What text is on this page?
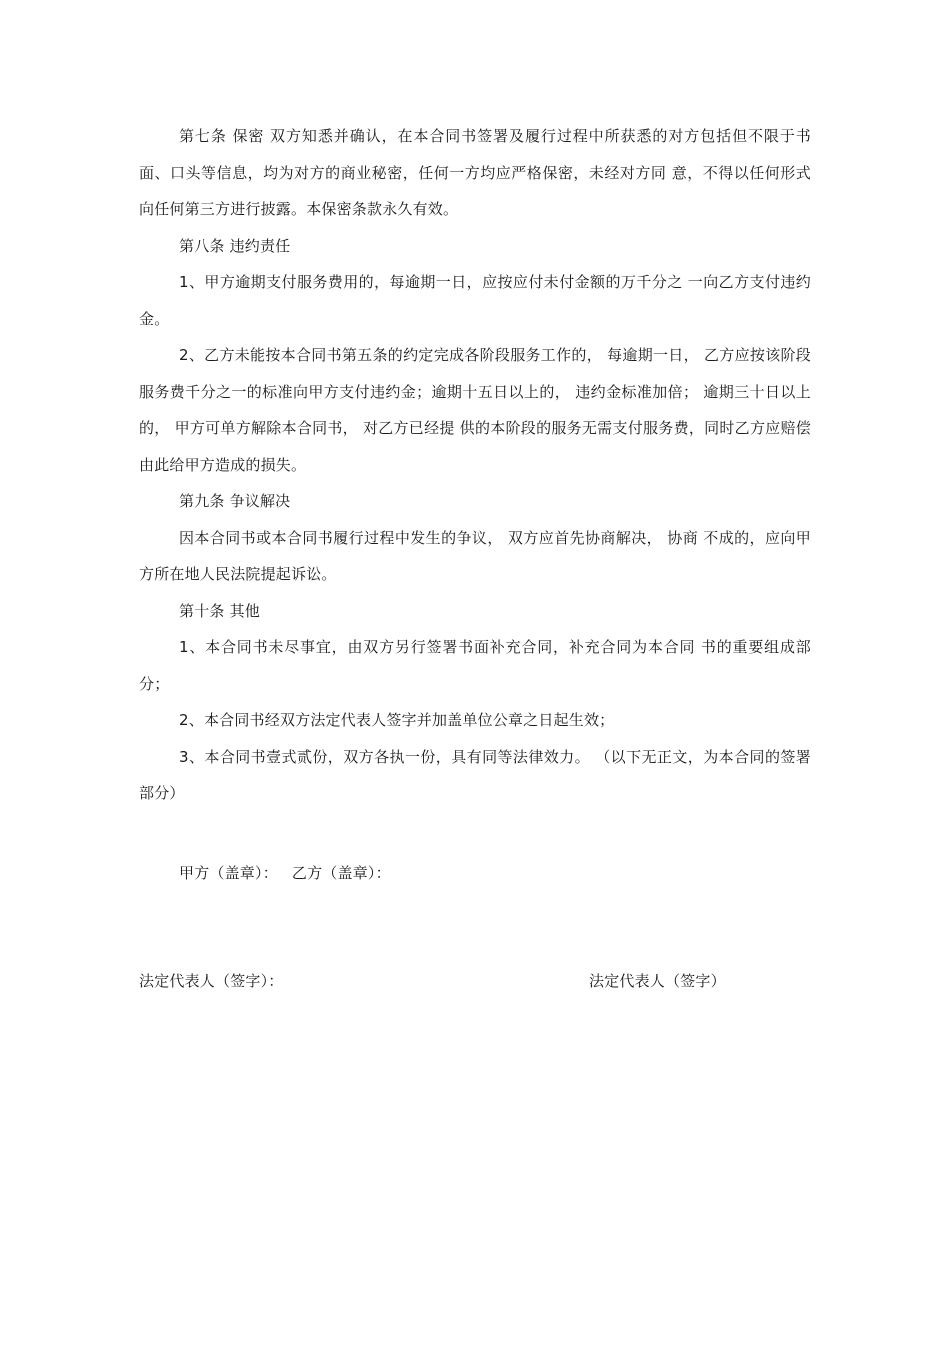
第七条 保密 双方知悉并确认，在本合同书签署及履行过程中所获悉的对方包括但不限于书面、口头等信息，均为对方的商业秘密，任何一方均应严格保密，未经对方同 意，不得以任何形式向任何第三方进行披露。本保密条款永久有效。

第八条 违约责任

1、甲方逾期支付服务费用的，每逾期一日，应按应付未付金额的万千分之 一向乙方支付违约金。

2、乙方未能按本合同书第五条的约定完成各阶段服务工作的， 每逾期一日， 乙方应按该阶段服务费千分之一的标准向甲方支付违约金；逾期十五日以上的， 违约金标准加倍； 逾期三十日以上的， 甲方可单方解除本合同书， 对乙方已经提 供的本阶段的服务无需支付服务费，同时乙方应赔偿由此给甲方造成的损失。

第九条 争议解决

因本合同书或本合同书履行过程中发生的争议， 双方应首先协商解决， 协商 不成的，应向甲方所在地人民法院提起诉讼。

第十条 其他

1、本合同书未尽事宜，由双方另行签署书面补充合同，补充合同为本合同 书的重要组成部分；

2、本合同书经双方法定代表人签字并加盖单位公章之日起生效；

3、本合同书壹式贰份，双方各执一份，具有同等法律效力。 （以下无正文，为本合同的签署部分）

甲方（盖章）： 乙方（盖章）：
法定代表人（签字）：	法定代表人（签字）
